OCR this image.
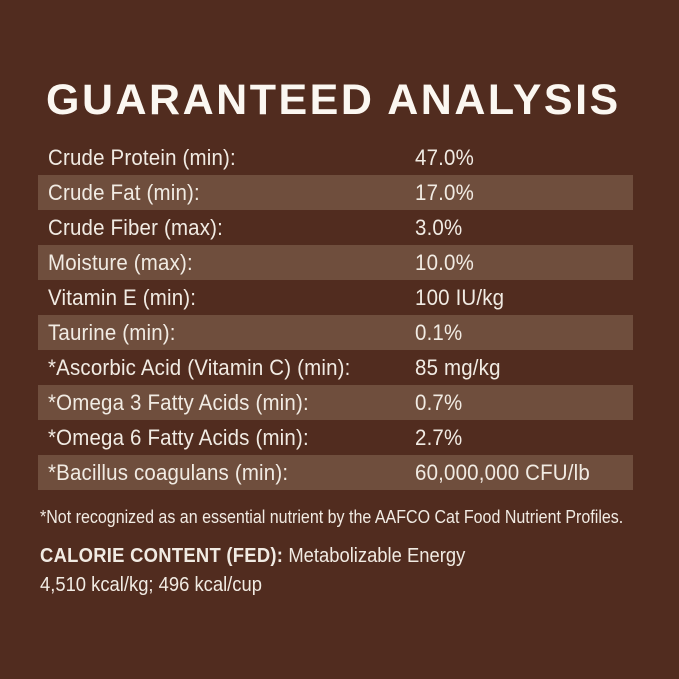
GUARANTEED ANALYSIS
Crude Protein (min):	47.0%
Crude Fat (min):	17.0%
Crude Fiber (max):	3.0%
Moisture (max):	10.0%
Vitamin E (min):	100 IU/kg
Taurine (min):	0.1%
*Ascorbic Acid (Vitamin C) (min):	85 mg/kg
*Omega 3 Fatty Acids (min):	0.7%
*Omega 6 Fatty Acids (min):	2.7%
*Bacillus coagulans (min):	60,000,000 CFU/lb
*Not recognized as an essential nutrient by the AAFCO Cat Food Nutrient Profiles.
CALORIE CONTENT (FED): Metabolizable Energy
4,510 kcal/kg; 496 kcal/cup
